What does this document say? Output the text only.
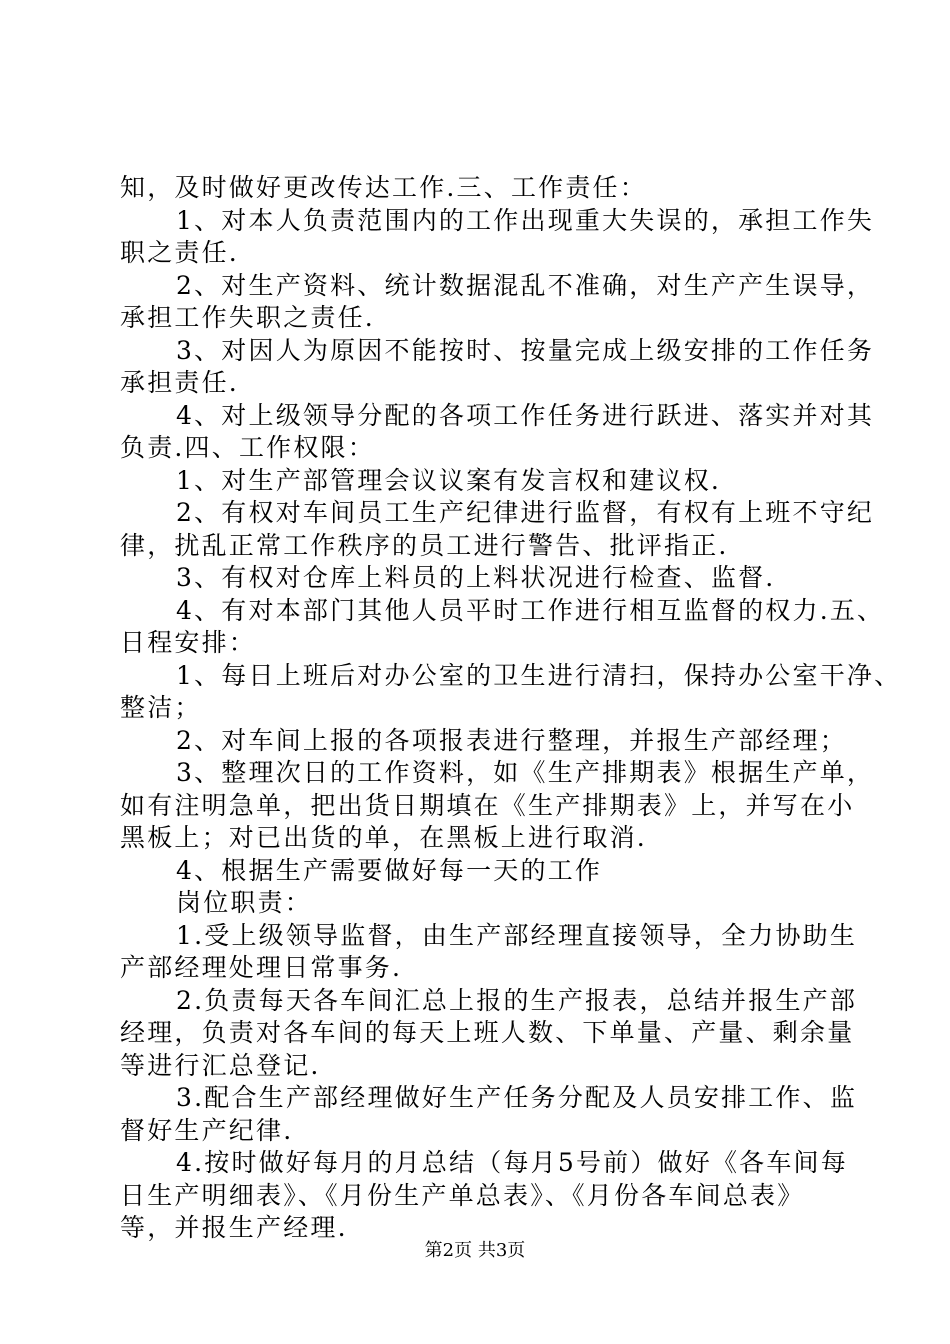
知，及时做好更改传达工作.三、工作责任：
1、对本人负责范围内的工作出现重大失误的，承担工作失
职之责任.
2、对生产资料、统计数据混乱不准确，对生产产生误导，
承担工作失职之责任.
3、对因人为原因不能按时、按量完成上级安排的工作任务
承担责任.
4、对上级领导分配的各项工作任务进行跃进、落实并对其
负责.四、工作权限：
1、对生产部管理会议议案有发言权和建议权.
2、有权对车间员工生产纪律进行监督，有权有上班不守纪
律，扰乱正常工作秩序的员工进行警告、批评指正.
3、有权对仓库上料员的上料状况进行检查、监督.
4、有对本部门其他人员平时工作进行相互监督的权力.五、
日程安排：
1、每日上班后对办公室的卫生进行清扫，保持办公室干净、
整洁；
2、对车间上报的各项报表进行整理，并报生产部经理；
3、整理次日的工作资料，如《生产排期表》根据生产单，
如有注明急单，把出货日期填在《生产排期表》上，并写在小
黑板上；对已出货的单，在黑板上进行取消.
4、根据生产需要做好每一天的工作
岗位职责：
1.受上级领导监督，由生产部经理直接领导，全力协助生
产部经理处理日常事务.
2.负责每天各车间汇总上报的生产报表，总结并报生产部
经理，负责对各车间的每天上班人数、下单量、产量、剩余量
等进行汇总登记.
3.配合生产部经理做好生产任务分配及人员安排工作、监
督好生产纪律.
4.按时做好每月的月总结（每月5号前）做好《各车间每
日生产明细表》、《月份生产单总表》、《月份各车间总表》
等，并报生产经理.
第2页 共3页
